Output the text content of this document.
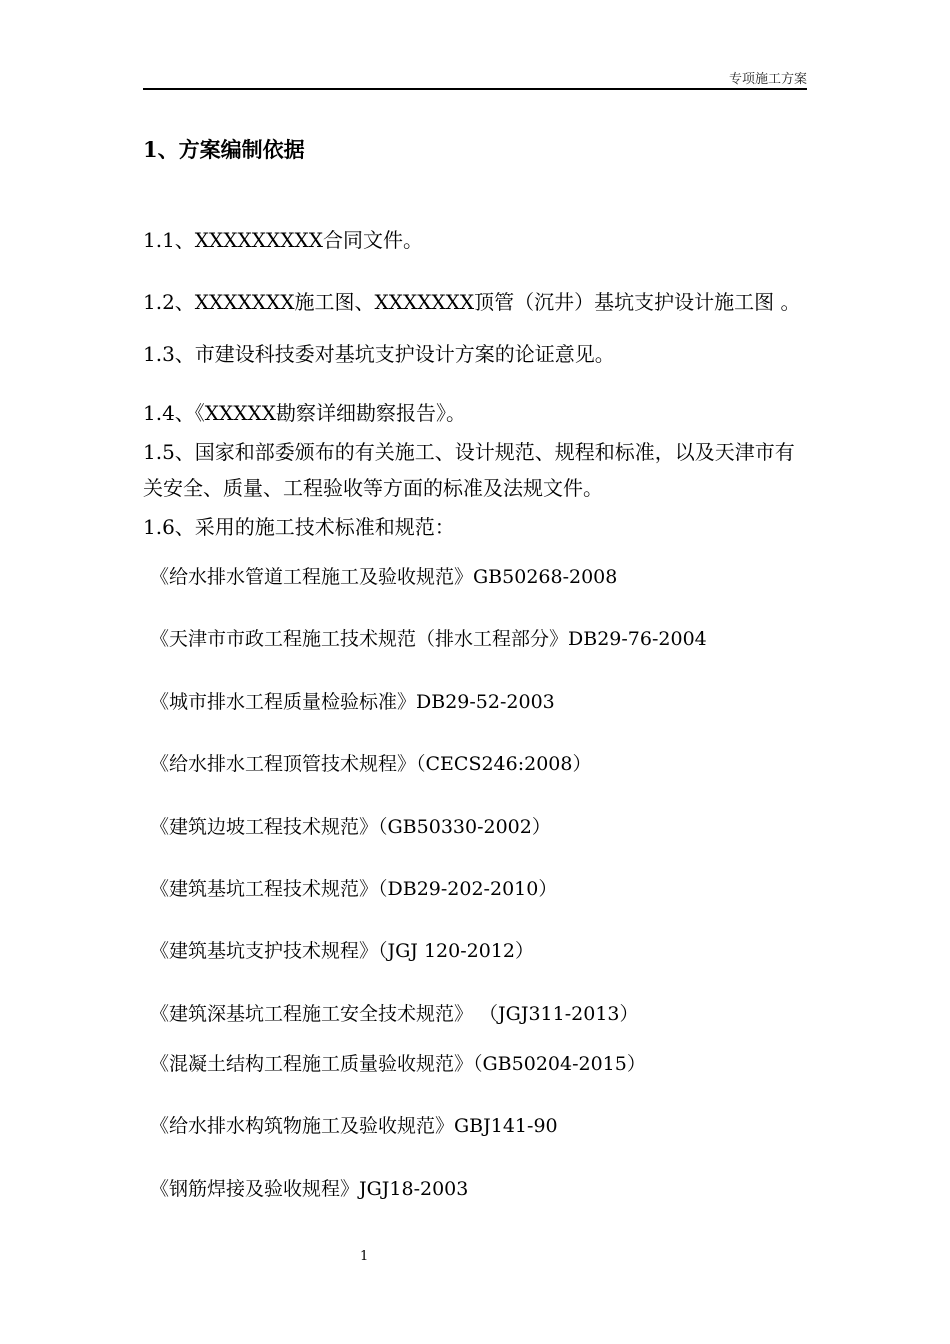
专项施工方案
1、方案编制依据
1.1、XXXXXXXXX合同文件。
1.2、XXXXXXX施工图、XXXXXXX顶管（沉井）基坑支护设计施工图 。
1.3、市建设科技委对基坑支护设计方案的论证意见。
1.4、《XXXXX勘察详细勘察报告》。
1.5、国家和部委颁布的有关施工、设计规范、规程和标准，以及天津市有关安全、质量、工程验收等方面的标准及法规文件。
1.6、采用的施工技术标准和规范：
《给水排水管道工程施工及验收规范》GB50268-2008
《天津市市政工程施工技术规范（排水工程部分》DB29-76-2004
《城市排水工程质量检验标准》DB29-52-2003
《给水排水工程顶管技术规程》（CECS246:2008）
《建筑边坡工程技术规范》（GB50330-2002）
《建筑基坑工程技术规范》（DB29-202-2010）
《建筑基坑支护技术规程》（JGJ 120-2012）
《建筑深基坑工程施工安全技术规范》 （JGJ311-2013）
《混凝土结构工程施工质量验收规范》（GB50204-2015）
《给水排水构筑物施工及验收规范》GBJ141-90
《钢筋焊接及验收规程》JGJ18-2003
1
